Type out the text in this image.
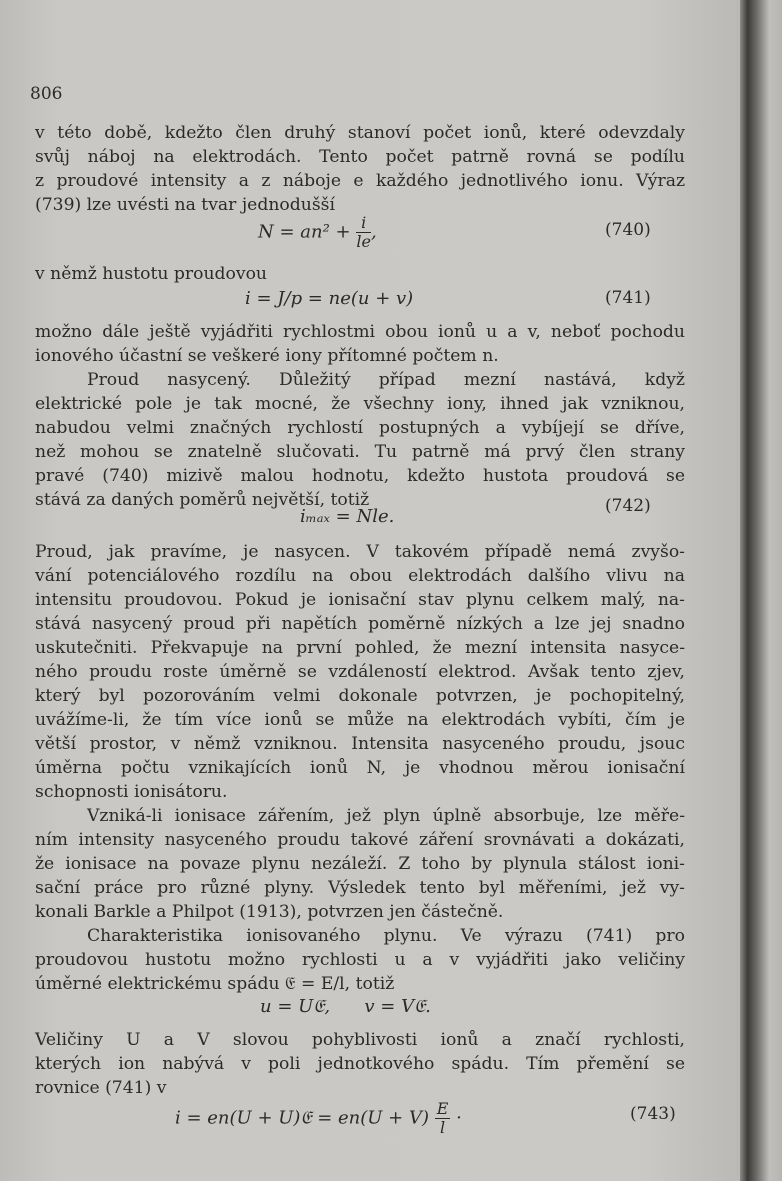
806
v této době, kdežto člen druhý stanoví počet ionů, které odevzdaly
svůj náboj na elektrodách. Tento počet patrně rovná se podílu
z proudové intensity a z náboje e každého jednotlivého ionu. Výraz
(739) lze uvésti na tvar jednodušší
v němž hustotu proudovou
možno dále ještě vyjádřiti rychlostmi obou ionů u a v, neboť pochodu
ionového účastní se veškeré iony přítomné počtem n.
Proud nasycený. Důležitý případ mezní nastává, když
elektrické pole je tak mocné, že všechny iony, ihned jak vzniknou,
nabudou velmi značných rychlostí postupných a vybíjejí se dříve,
než mohou se znatelně slučovati. Tu patrně má prvý člen strany
pravé (740) mizivě malou hodnotu, kdežto hustota proudová se
stává za daných poměrů největší, totiž
Proud, jak pravíme, je nasycen. V takovém případě nemá zvyšo-
vání potenciálového rozdílu na obou elektrodách dalšího vlivu na
intensitu proudovou. Pokud je ionisační stav plynu celkem malý, na-
stává nasycený proud při napětích poměrně nízkých a lze jej snadno
uskutečniti. Překvapuje na první pohled, že mezní intensita nasyce-
ného proudu roste úměrně se vzdáleností elektrod. Avšak tento zjev,
který byl pozorováním velmi dokonale potvrzen, je pochopitelný,
uvážíme-li, že tím více ionů se může na elektrodách vybíti, čím je
větší prostor, v němž vzniknou. Intensita nasyceného proudu, jsouc
úměrna počtu vznikajících ionů N, je vhodnou měrou ionisační
schopnosti ionisátoru.
Vzniká-li ionisace zářením, jež plyn úplně absorbuje, lze měře-
ním intensity nasyceného proudu takové záření srovnávati a dokázati,
že ionisace na povaze plynu nezáleží. Z toho by plynula stálost ioni-
sační práce pro různé plyny. Výsledek tento byl měřeními, jež vy-
konali Barkle a Philpot (1913), potvrzen jen částečně.
Charakteristika ionisovaného plynu. Ve výrazu (741) pro
proudovou hustotu možno rychlosti u a v vyjádřiti jako veličiny
úměrné elektrickému spádu 𝔈 = E/l, totiž
Veličiny U a V slovou pohyblivosti ionů a značí rychlosti,
kterých ion nabývá v poli jednotkového spádu. Tím přemění se
rovnice (741) v
$N = an^2 + \frac{i}{le}$ ,	(740)
i = J/p = ne(u + v)	(741)
iₘₐₓ = Nle.	(742)
u = U𝔈,      v = V𝔈.
i = en(U + U)𝔈 = $en(U + V) \frac{E}{l}$ ·	(743)
